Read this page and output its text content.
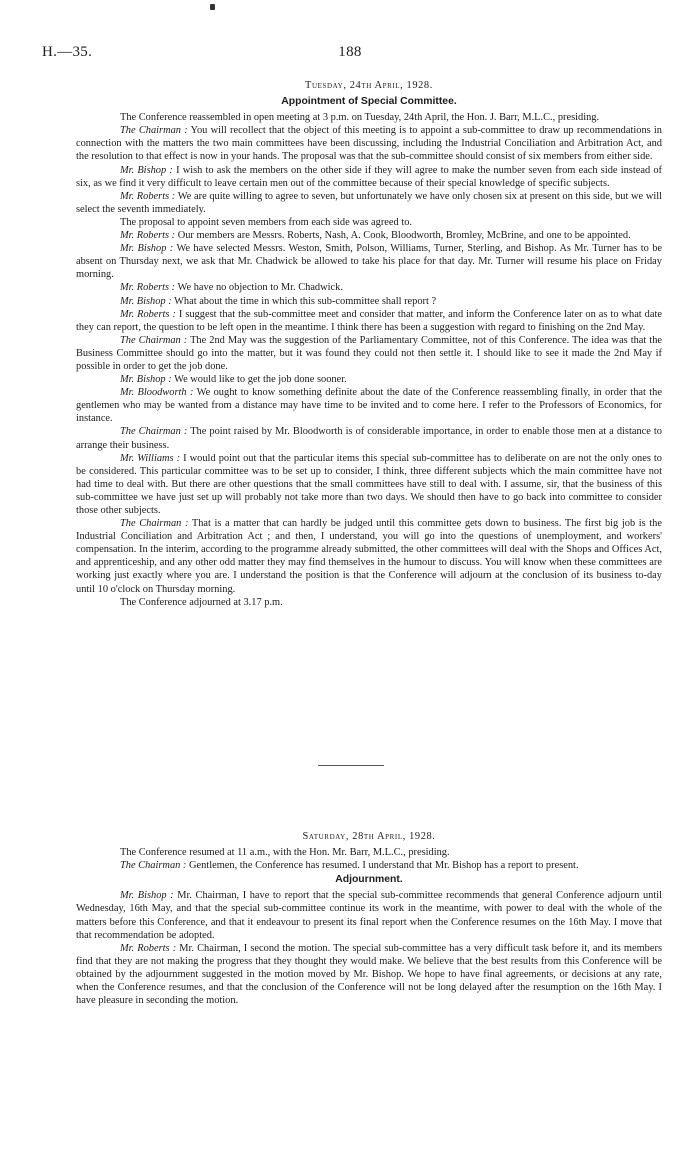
H.—35.	188

Tuesday, 24th April, 1928.

Appointment of Special Committee.

The Conference reassembled in open meeting at 3 p.m. on Tuesday, 24th April, the Hon. J. Barr, M.L.C., presiding.

The Chairman : You will recollect that the object of this meeting is to appoint a sub-committee to draw up recommendations in connection with the matters the two main committees have been discussing, including the Industrial Conciliation and Arbitration Act, and the resolution to that effect is now in your hands. The proposal was that the sub-committee should consist of six members from either side.

Mr. Bishop : I wish to ask the members on the other side if they will agree to make the number seven from each side instead of six, as we find it very difficult to leave certain men out of the committee because of their special knowledge of specific subjects.

Mr. Roberts : We are quite willing to agree to seven, but unfortunately we have only chosen six at present on this side, but we will select the seventh immediately.

The proposal to appoint seven members from each side was agreed to.

Mr. Roberts : Our members are Messrs. Roberts, Nash, A. Cook, Bloodworth, Bromley, McBrine, and one to be appointed.

Mr. Bishop : We have selected Messrs. Weston, Smith, Polson, Williams, Turner, Sterling, and Bishop. As Mr. Turner has to be absent on Thursday next, we ask that Mr. Chadwick be allowed to take his place for that day. Mr. Turner will resume his place on Friday morning.

Mr. Roberts : We have no objection to Mr. Chadwick.

Mr. Bishop : What about the time in which this sub-committee shall report ?

Mr. Roberts : I suggest that the sub-committee meet and consider that matter, and inform the Conference later on as to what date they can report, the question to be left open in the meantime. I think there has been a suggestion with regard to finishing on the 2nd May.

The Chairman : The 2nd May was the suggestion of the Parliamentary Committee, not of this Conference. The idea was that the Business Committee should go into the matter, but it was found they could not then settle it. I should like to see it made the 2nd May if possible in order to get the job done.

Mr. Bishop : We would like to get the job done sooner.

Mr. Bloodworth : We ought to know something definite about the date of the Conference reassembling finally, in order that the gentlemen who may be wanted from a distance may have time to be invited and to come here. I refer to the Professors of Economics, for instance.

The Chairman : The point raised by Mr. Bloodworth is of considerable importance, in order to enable those men at a distance to arrange their business.

Mr. Williams : I would point out that the particular items this special sub-committee has to deliberate on are not the only ones to be considered. This particular committee was to be set up to consider, I think, three different subjects which the main committee have not had time to deal with. But there are other questions that the small committees have still to deal with. I assume, sir, that the business of this sub-committee we have just set up will probably not take more than two days. We should then have to go back into committee to consider those other subjects.

The Chairman : That is a matter that can hardly be judged until this committee gets down to business. The first big job is the Industrial Conciliation and Arbitration Act ; and then, I understand, you will go into the questions of unemployment, and workers' compensation. In the interim, according to the programme already submitted, the other committees will deal with the Shops and Offices Act, and apprenticeship, and any other odd matter they may find themselves in the humour to discuss. You will know when these committees are working just exactly where you are. I understand the position is that the Conference will adjourn at the conclusion of its business to-day until 10 o'clock on Thursday morning.

The Conference adjourned at 3.17 p.m.

Saturday, 28th April, 1928.

The Conference resumed at 11 a.m., with the Hon. Mr. Barr, M.L.C., presiding.

The Chairman : Gentlemen, the Conference has resumed. I understand that Mr. Bishop has a report to present.

Adjournment.

Mr. Bishop : Mr. Chairman, I have to report that the special sub-committee recommends that general Conference adjourn until Wednesday, 16th May, and that the special sub-committee continue its work in the meantime, with power to deal with the whole of the matters before this Conference, and that it endeavour to present its final report when the Conference resumes on the 16th May. I move that that recommendation be adopted.

Mr. Roberts : Mr. Chairman, I second the motion. The special sub-committee has a very difficult task before it, and its members find that they are not making the progress that they thought they would make. We believe that the best results from this Conference will be obtained by the adjournment suggested in the motion moved by Mr. Bishop. We hope to have final agreements, or decisions at any rate, when the Conference resumes, and that the conclusion of the Conference will not be long delayed after the resumption on the 16th May. I have pleasure in seconding the motion.
